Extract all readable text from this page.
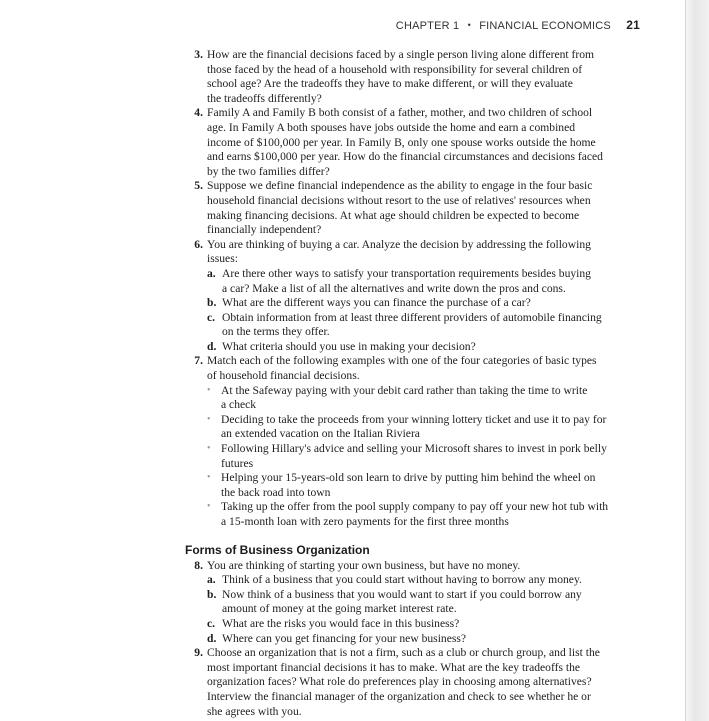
CHAPTER 1 • FINANCIAL ECONOMICS 21
3. How are the financial decisions faced by a single person living alone different from
those faced by the head of a household with responsibility for several children of
school age? Are the tradeoffs they have to make different, or will they evaluate
the tradeoffs differently?
4. Family A and Family B both consist of a father, mother, and two children of school
age. In Family A both spouses have jobs outside the home and earn a combined
income of $100,000 per year. In Family B, only one spouse works outside the home
and earns $100,000 per year. How do the financial circumstances and decisions faced
by the two families differ?
5. Suppose we define financial independence as the ability to engage in the four basic
household financial decisions without resort to the use of relatives' resources when
making financing decisions. At what age should children be expected to become
financially independent?
6. You are thinking of buying a car. Analyze the decision by addressing the following
issues:
a. Are there other ways to satisfy your transportation requirements besides buying
a car? Make a list of all the alternatives and write down the pros and cons.
b. What are the different ways you can finance the purchase of a car?
c. Obtain information from at least three different providers of automobile financing
on the terms they offer.
d. What criteria should you use in making your decision?
7. Match each of the following examples with one of the four categories of basic types
of household financial decisions.
• At the Safeway paying with your debit card rather than taking the time to write
a check
• Deciding to take the proceeds from your winning lottery ticket and use it to pay for
an extended vacation on the Italian Riviera
• Following Hillary's advice and selling your Microsoft shares to invest in pork belly
futures
• Helping your 15-years-old son learn to drive by putting him behind the wheel on
the back road into town
• Taking up the offer from the pool supply company to pay off your new hot tub with
a 15-month loan with zero payments for the first three months
Forms of Business Organization
8. You are thinking of starting your own business, but have no money.
a. Think of a business that you could start without having to borrow any money.
b. Now think of a business that you would want to start if you could borrow any
amount of money at the going market interest rate.
c. What are the risks you would face in this business?
d. Where can you get financing for your new business?
9. Choose an organization that is not a firm, such as a club or church group, and list the
most important financial decisions it has to make. What are the key tradeoffs the
organization faces? What role do preferences play in choosing among alternatives?
Interview the financial manager of the organization and check to see whether he or
she agrees with you.
